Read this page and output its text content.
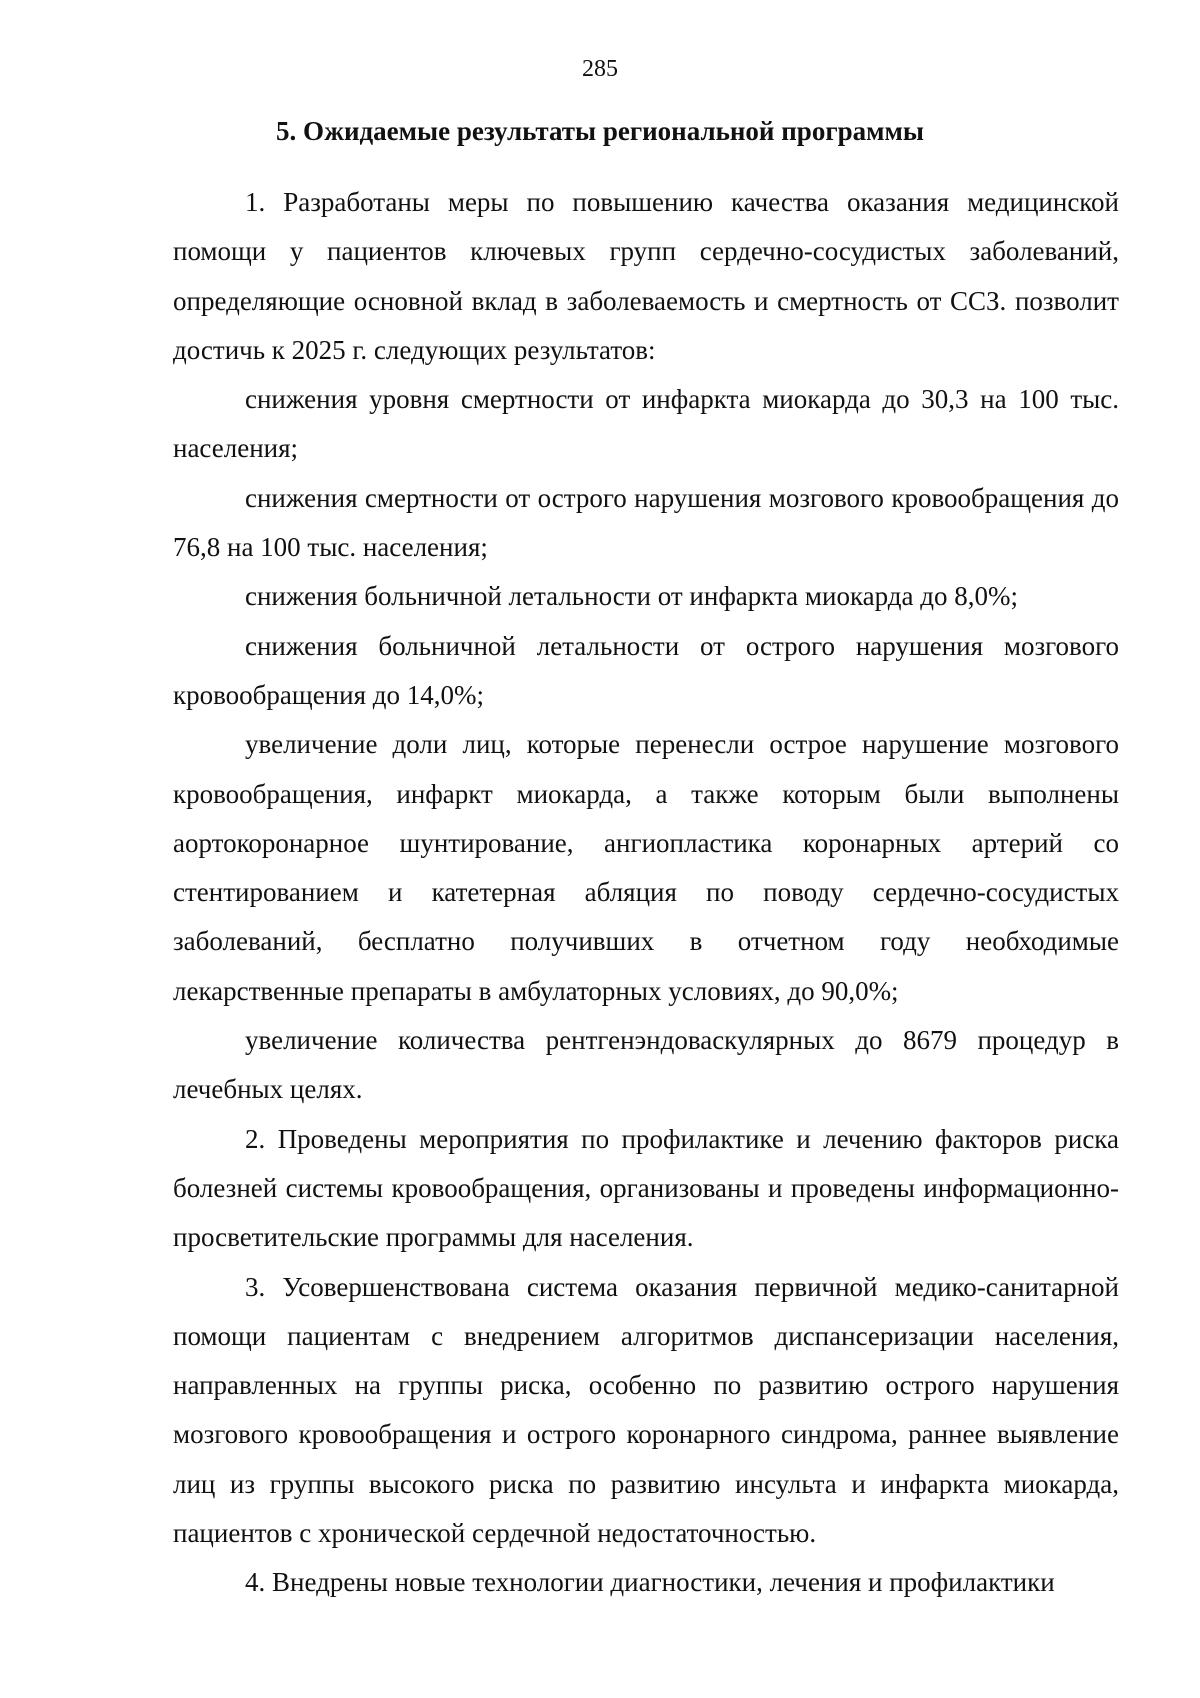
285
5. Ожидаемые результаты региональной программы

1. Разработаны меры по повышению качества оказания медицинской помощи у пациентов ключевых групп сердечно-сосудистых заболеваний, определяющие основной вклад в заболеваемость и смертность от ССЗ. позволит достичь к 2025 г. следующих результатов:

снижения уровня смертности от инфаркта миокарда до 30,3 на 100 тыс. населения;

снижения смертности от острого нарушения мозгового кровообращения до 76,8 на 100 тыс. населения;

снижения больничной летальности от инфаркта миокарда до 8,0%;

снижения больничной летальности от острого нарушения мозгового кровообращения до 14,0%;

увеличение доли лиц, которые перенесли острое нарушение мозгового кровообращения, инфаркт миокарда, а также которым были выполнены аортокоронарное шунтирование, ангиопластика коронарных артерий со стентированием и катетерная абляция по поводу сердечно-сосудистых заболеваний, бесплатно получивших в отчетном году необходимые лекарственные препараты в амбулаторных условиях, до 90,0%;

увеличение количества рентгенэндоваскулярных до 8679 процедур в лечебных целях.

2. Проведены мероприятия по профилактике и лечению факторов риска болезней системы кровообращения, организованы и проведены информационно-просветительские программы для населения.

3. Усовершенствована система оказания первичной медико-санитарной помощи пациентам с внедрением алгоритмов диспансеризации населения, направленных на группы риска, особенно по развитию острого нарушения мозгового кровообращения и острого коронарного синдрома, раннее выявление лиц из группы высокого риска по развитию инсульта и инфаркта миокарда, пациентов с хронической сердечной недостаточностью.

4. Внедрены новые технологии диагностики, лечения и профилактики
